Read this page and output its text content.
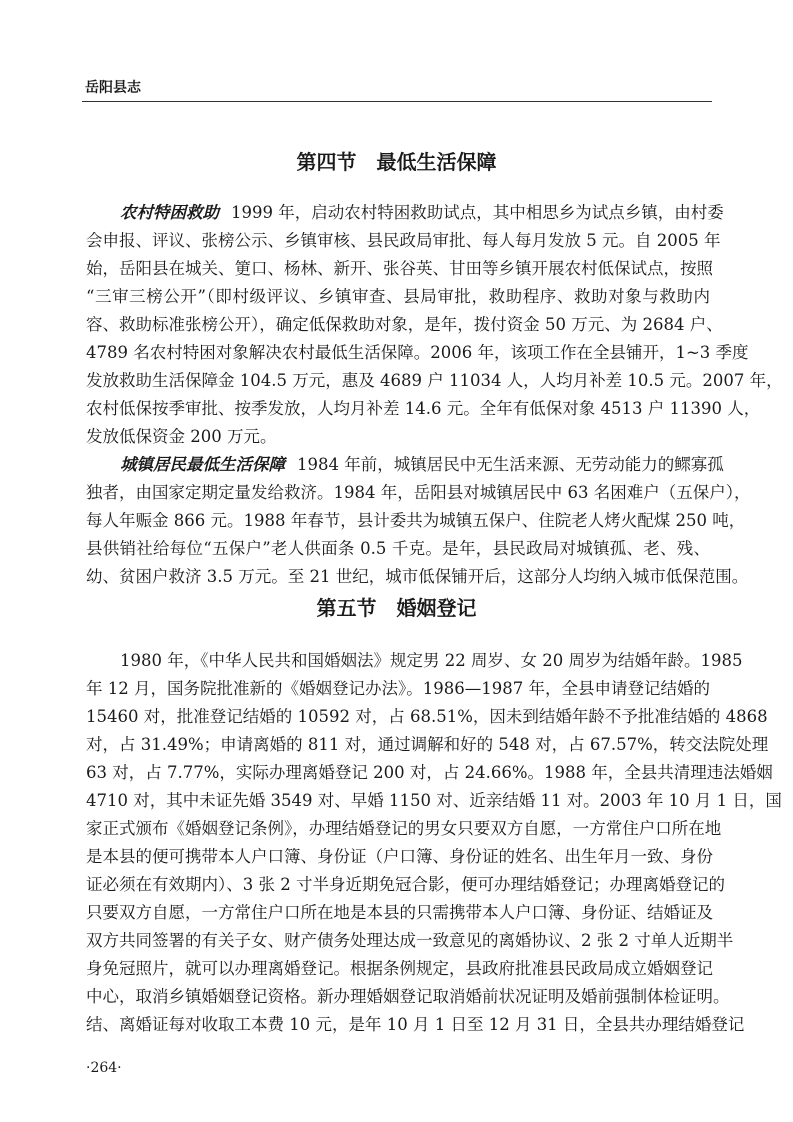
岳阳县志
第四节 最低生活保障
农村特困救助 1999 年，启动农村特困救助试点，其中相思乡为试点乡镇，由村委
会申报、评议、张榜公示、乡镇审核、县民政局审批、每人每月发放 5 元。自 2005 年
始，岳阳县在城关、筻口、杨林、新开、张谷英、甘田等乡镇开展农村低保试点，按照
“三审三榜公开”（即村级评议、乡镇审查、县局审批，救助程序、救助对象与救助内
容、救助标准张榜公开），确定低保救助对象，是年，拨付资金 50 万元、为 2684 户、
4789 名农村特困对象解决农村最低生活保障。2006 年，该项工作在全县铺开，1~3 季度
发放救助生活保障金 104.5 万元，惠及 4689 户 11034 人，人均月补差 10.5 元。2007 年，
农村低保按季审批、按季发放，人均月补差 14.6 元。全年有低保对象 4513 户 11390 人，
发放低保资金 200 万元。
城镇居民最低生活保障 1984 年前，城镇居民中无生活来源、无劳动能力的鳏寡孤
独者，由国家定期定量发给救济。1984 年，岳阳县对城镇居民中 63 名困难户（五保户），
每人年赈金 866 元。1988 年春节，县计委共为城镇五保户、住院老人烤火配煤 250 吨，
县供销社给每位“五保户”老人供面条 0.5 千克。是年，县民政局对城镇孤、老、残、
幼、贫困户救济 3.5 万元。至 21 世纪，城市低保铺开后，这部分人均纳入城市低保范围。
第五节 婚姻登记
1980 年，《中华人民共和国婚姻法》规定男 22 周岁、女 20 周岁为结婚年龄。1985
年 12 月，国务院批准新的《婚姻登记办法》。1986—1987 年，全县申请登记结婚的
15460 对，批准登记结婚的 10592 对，占 68.51%，因未到结婚年龄不予批准结婚的 4868
对，占 31.49%；申请离婚的 811 对，通过调解和好的 548 对，占 67.57%，转交法院处理
63 对，占 7.77%，实际办理离婚登记 200 对，占 24.66%。1988 年，全县共清理违法婚姻
4710 对，其中未证先婚 3549 对、早婚 1150 对、近亲结婚 11 对。2003 年 10 月 1 日，国
家正式颁布《婚姻登记条例》，办理结婚登记的男女只要双方自愿，一方常住户口所在地
是本县的便可携带本人户口簿、身份证（户口簿、身份证的姓名、出生年月一致、身份
证必须在有效期内）、3 张 2 寸半身近期免冠合影，便可办理结婚登记；办理离婚登记的
只要双方自愿，一方常住户口所在地是本县的只需携带本人户口簿、身份证、结婚证及
双方共同签署的有关子女、财产债务处理达成一致意见的离婚协议、2 张 2 寸单人近期半
身免冠照片，就可以办理离婚登记。根据条例规定，县政府批准县民政局成立婚姻登记
中心，取消乡镇婚姻登记资格。新办理婚姻登记取消婚前状况证明及婚前强制体检证明。
结、离婚证每对收取工本费 10 元，是年 10 月 1 日至 12 月 31 日，全县共办理结婚登记
·264·
